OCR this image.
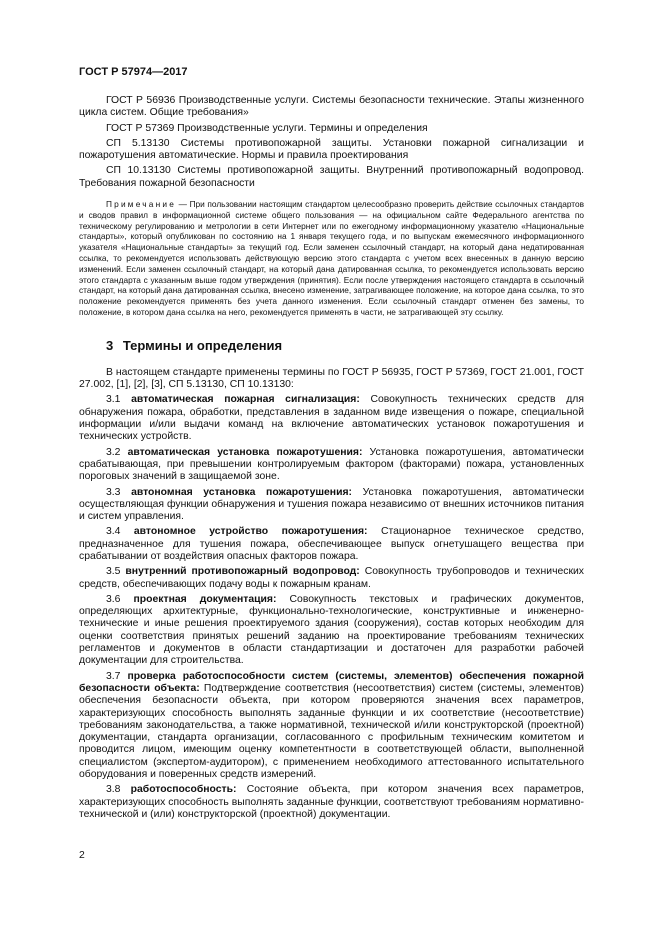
ГОСТ Р 57974—2017

ГОСТ Р 56936 Производственные услуги. Системы безопасности технические. Этапы жизненного цикла систем. Общие требования»

ГОСТ Р 57369 Производственные услуги. Термины и определения

СП 5.13130 Системы противопожарной защиты. Установки пожарной сигнализации и пожаротушения автоматические. Нормы и правила проектирования

СП 10.13130 Системы противопожарной защиты. Внутренний противопожарный водопровод. Требования пожарной безопасности

Примечание — При пользовании настоящим стандартом целесообразно проверить действие ссылочных стандартов и сводов правил в информационной системе общего пользования — на официальном сайте Федерального агентства по техническому регулированию и метрологии в сети Интернет или по ежегодному информационному указателю «Национальные стандарты», который опубликован по состоянию на 1 января текущего года, и по выпускам ежемесячного информационного указателя «Национальные стандарты» за текущий год. Если заменен ссылочный стандарт, на который дана недатированная ссылка, то рекомендуется использовать действующую версию этого стандарта с учетом всех внесенных в данную версию изменений. Если заменен ссылочный стандарт, на который дана датированная ссылка, то рекомендуется использовать версию этого стандарта с указанным выше годом утверждения (принятия). Если после утверждения настоящего стандарта в ссылочный стандарт, на который дана датированная ссылка, внесено изменение, затрагивающее положение, на которое дана ссылка, то это положение рекомендуется применять без учета данного изменения. Если ссылочный стандарт отменен без замены, то положение, в котором дана ссылка на него, рекомендуется применять в части, не затрагивающей эту ссылку.

3 Термины и определения

В настоящем стандарте применены термины по ГОСТ Р 56935, ГОСТ Р 57369, ГОСТ 21.001, ГОСТ 27.002, [1], [2], [3], СП 5.13130, СП 10.13130:

3.1 автоматическая пожарная сигнализация: Совокупность технических средств для обнаружения пожара, обработки, представления в заданном виде извещения о пожаре, специальной информации и/или выдачи команд на включение автоматических установок пожаротушения и технических устройств.

3.2 автоматическая установка пожаротушения: Установка пожаротушения, автоматически срабатывающая, при превышении контролируемым фактором (факторами) пожара, установленных пороговых значений в защищаемой зоне.

3.3 автономная установка пожаротушения: Установка пожаротушения, автоматически осуществляющая функции обнаружения и тушения пожара независимо от внешних источников питания и систем управления.

3.4 автономное устройство пожаротушения: Стационарное техническое средство, предназначенное для тушения пожара, обеспечивающее выпуск огнетушащего вещества при срабатывании от воздействия опасных факторов пожара.

3.5 внутренний противопожарный водопровод: Совокупность трубопроводов и технических средств, обеспечивающих подачу воды к пожарным кранам.

3.6 проектная документация: Совокупность текстовых и графических документов, определяющих архитектурные, функционально-технологические, конструктивные и инженерно-технические и иные решения проектируемого здания (сооружения), состав которых необходим для оценки соответствия принятых решений заданию на проектирование требованиям технических регламентов и документов в области стандартизации и достаточен для разработки рабочей документации для строительства.

3.7 проверка работоспособности систем (системы, элементов) обеспечения пожарной безопасности объекта: Подтверждение соответствия (несоответствия) систем (системы, элементов) обеспечения безопасности объекта, при котором проверяются значения всех параметров, характеризующих способность выполнять заданные функции и их соответствие (несоответствие) требованиям законодательства, а также нормативной, технической и/или конструкторской (проектной) документации, стандарта организации, согласованного с профильным техническим комитетом и проводится лицом, имеющим оценку компетентности в соответствующей области, выполненной специалистом (экспертом-аудитором), с применением необходимого аттестованного испытательного оборудования и поверенных средств измерений.

3.8 работоспособность: Состояние объекта, при котором значения всех параметров, характеризующих способность выполнять заданные функции, соответствуют требованиям нормативно-технической и (или) конструкторской (проектной) документации.

2
